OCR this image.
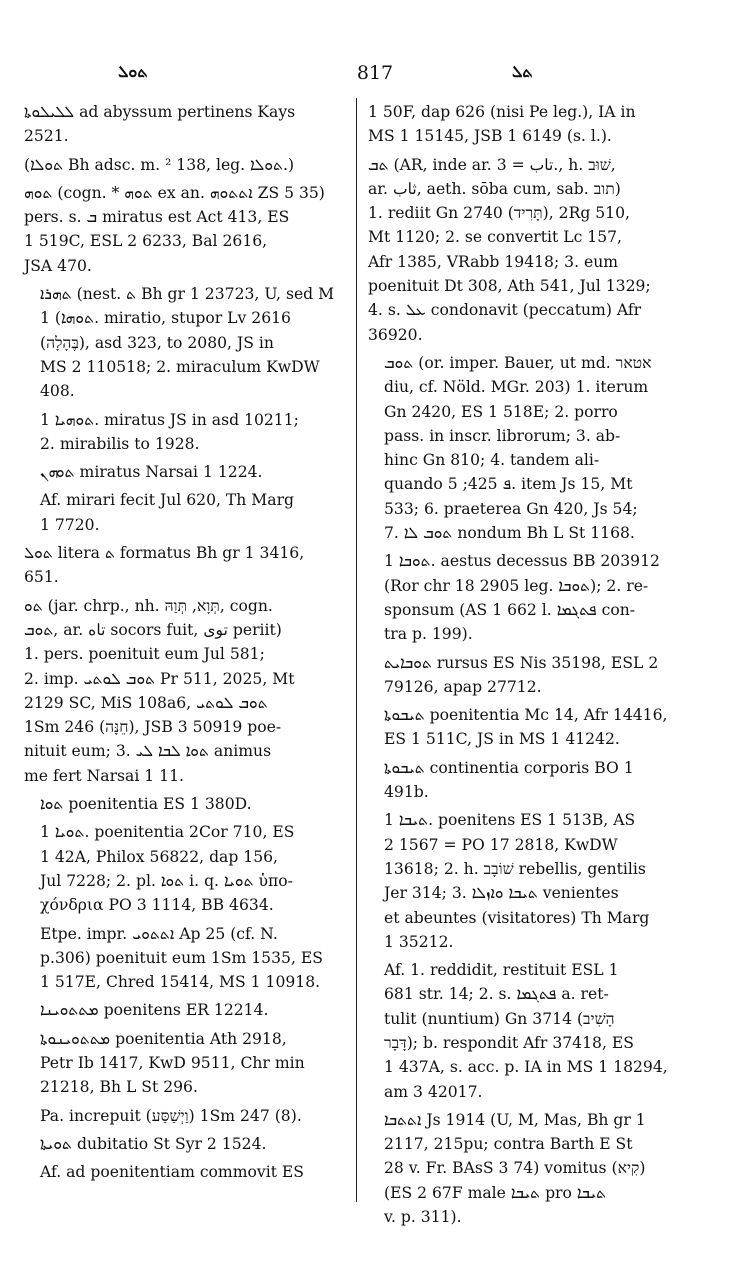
ܬܘܠ	817	ܬܠ
ܠܠܝܠܘܬܐ ad abyssum pertinens Kays
2521.
(ܬܘܠܐ Bh adsc. m. ² 138, leg. ܬܘܠܐ.)
ܬܘܗ (cogn. * ܬܘܗ ex an. ܐܬܬܘܗ ZS 5 35)
pers. s. ܒ miratus est Act 413, ES
1 519C, ESL 2 6233, Bal 2616,
JSA 470.
ܬܗܪܐ (nest. ܬ Bh gr 1 23723, U, sed M
ܬܘܗܐ) 1. miratio, stupor Lv 2616
(בֶּהָלָה), asd 323, to 2080, JS in
MS 2 110518; 2. miraculum KwDW
408.
ܬܘܗܝܐ 1. miratus JS in asd 10211;
2. mirabilis to 1928.
ܬܘܗܢ miratus Narsai 1 1224.
Af. mirari fecit Jul 620, Th Marg
1 7720.
ܬܘܠ litera ܬ formatus Bh gr 1 3416,
651.
ܬܘ (jar. chrp., nh. תְּוָא, תְּוַהּ, cogn.
ܬܘܒ, ar. تاه socors fuit, توى periit)
1. pers. poenituit eum Jul 581;
2. imp. ܬܘܒ ܠܘܬܝ Pr 511, 2025, Mt
2129 SC, MiS 108a6, ܬܘܒ ܠܘܬܝ
1Sm 246 (חֵנָּה), JSB 3 50919 poe-
nituit eum; 3. ܬܘܐ ܠܒܐ ܠܝ animus
me fert Narsai 1 11.
ܬܘܐ poenitentia ES 1 380D.
ܬܘܝܐ 1. poenitentia 2Cor 710, ES
1 42A, Philox 56822, dap 156,
Jul 7228; 2. pl. ܬܘܐ i. q. ܬܘܝܐ ὑπο-
χόνδρια PO 3 1114, BB 4634.
Etpe. impr. ܐܬܬܘܝ Ap 25 (cf. N.
p.306) poenituit eum 1Sm 1535, ES
1 517E, Chred 15414, MS 1 10918.
ܡܬܬܘܝܢܐ poenitens ER 12214.
ܡܬܬܘܝܢܘܬܐ poenitentia Ath 2918,
Petr Ib 1417, KwD 9511, Chr min
21218, Bh L St 296.
Pa. increpuit (וַיְשַׁסַּע) 1Sm 247 (8).
ܬܘܝܬܐ dubitatio St Syr 2 1524.
Af. ad poenitentiam commovit ES
1 50F, dap 626 (nisi Pe leg.), IA in
MS 1 15145, JSB 1 6149 (s. l.).
ܬܒ (AR, inde ar. تاب = 3., h. שׁוּב,
ar. ثاب, aeth. sōba cum, sab. תוב)
1. rediit Gn 2740 (תָּרִיד), 2Rg 510,
Mt 1120; 2. se convertit Lc 157,
Afr 1385, VRabb 19418; 3. eum
poenituit Dt 308, Ath 541, Jul 1329;
4. s. ܥܠ condonavit (peccatum) Afr
36920.
ܬܘܒ (or. imper. Bauer, ut md. אטאר
diu, cf. Nöld. MGr. 203) 1. iterum
Gn 2420, ES 1 518E; 2. porro
pass. in inscr. librorum; 3. ab-
hinc Gn 810; 4. tandem ali-
quando ܦ 425; 5. item Js 15, Mt
533; 6. praeterea Gn 420, Js 54;
7. ܬܘܒ ܠܐ nondum Bh L St 1168.
ܬܘܒܐ 1. aestus decessus BB 203912
(Ror chr 18 2905 leg. ܬܘܒܐ); 2. re-
sponsum (AS 1 662 l. ܦܬܓܡܐ con-
tra p. 199).
ܬܘܒܐܝܬ rursus ES Nis 35198, ESL 2
79126, apap 27712.
ܬܝܒܘܬܐ poenitentia Mc 14, Afr 14416,
ES 1 511C, JS in MS 1 41242.
ܬܝܒܘܬܐ continentia corporis BO 1
491b.
ܬܝܒܐ 1. poenitens ES 1 513B, AS
2 1567 = PO 17 2818, KwDW
13618; 2. h. שׁוֹבָב rebellis, gentilis
Jer 314; 3. ܬܝܒܐ ܘܐܙܠܐ venientes
et abeuntes (visitatores) Th Marg
1 35212.
Af. 1. reddidit, restituit ESL 1
681 str. 14; 2. s. ܦܬܓܡܐ a. ret-
tulit (nuntium) Gn 3714 (הָשִׁיב
דָּבָר); b. respondit Afr 37418, ES
1 437A, s. acc. p. IA in MS 1 18294,
am 3 42017.
ܐܬܬܒܐ Js 1914 (U, M, Mas, Bh gr 1
2117, 215pu; contra Barth E St
28 v. Fr. BAsS 3 74) vomitus (קִיא)
(ES 2 67F male ܬܝܒܐ pro ܬܝܒܐ
v. p. 311).
